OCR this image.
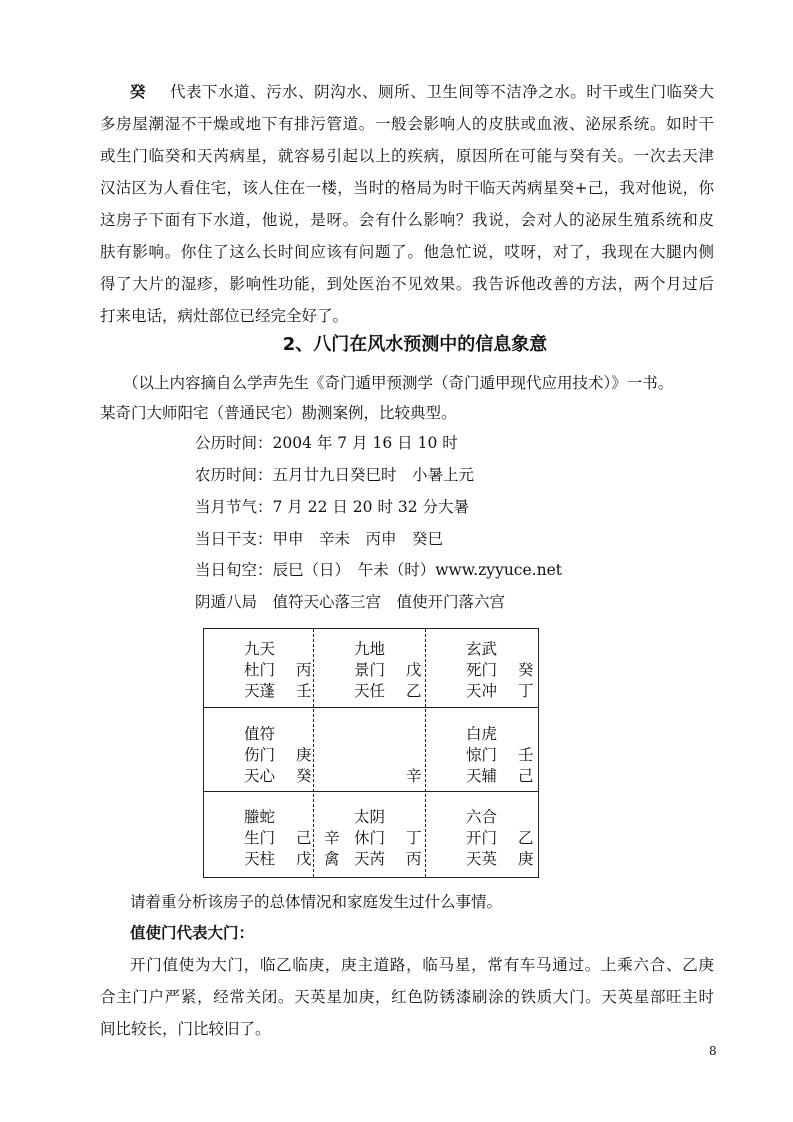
癸 代表下水道、污水、阴沟水、厕所、卫生间等不洁净之水。时干或生门临癸大
多房屋潮湿不干燥或地下有排污管道。一般会影响人的皮肤或血液、泌尿系统。如时干
或生门临癸和天芮病星，就容易引起以上的疾病，原因所在可能与癸有关。一次去天津
汉沽区为人看住宅，该人住在一楼，当时的格局为时干临天芮病星癸+己，我对他说，你
这房子下面有下水道，他说，是呀。会有什么影响？我说，会对人的泌尿生殖系统和皮
肤有影响。你住了这么长时间应该有问题了。他急忙说，哎呀，对了，我现在大腿内侧
得了大片的湿疹，影响性功能，到处医治不见效果。我告诉他改善的方法，两个月过后
打来电话，病灶部位已经完全好了。
2、八门在风水预测中的信息象意
（以上内容摘自么学声先生《奇门遁甲预测学（奇门遁甲现代应用技术）》一书。
某奇门大师阳宅（普通民宅）勘测案例，比较典型。
公历时间：2004 年 7 月 16 日 10 时
农历时间：五月廿九日癸巳时　小暑上元
当月节气：7 月 22 日 20 时 32 分大暑
当日干支：甲申　辛未　丙申　癸巳
当日旬空：辰巳（日）　午未（时）www.zyyuce.net
阴遁八局　值符天心落三宫　值使开门落六宫
九天
杜门 丙
天蓬 壬
九地
景门 戊
天任 乙
玄武
死门 癸
天冲 丁
值符
伤门 庚
天心 癸	辛
白虎
惊门 壬
天辅 己
螣蛇
生门 己
天柱 戊
太阴
辛 休门 丁
禽 天芮 丙
六合
开门 乙
天英 庚
请着重分析该房子的总体情况和家庭发生过什么事情。
值使门代表大门：
开门值使为大门，临乙临庚，庚主道路，临马星，常有车马通过。上乘六合、乙庚
合主门户严紧，经常关闭。天英星加庚，红色防锈漆刷涂的铁质大门。天英星部旺主时
间比较长，门比较旧了。
8
